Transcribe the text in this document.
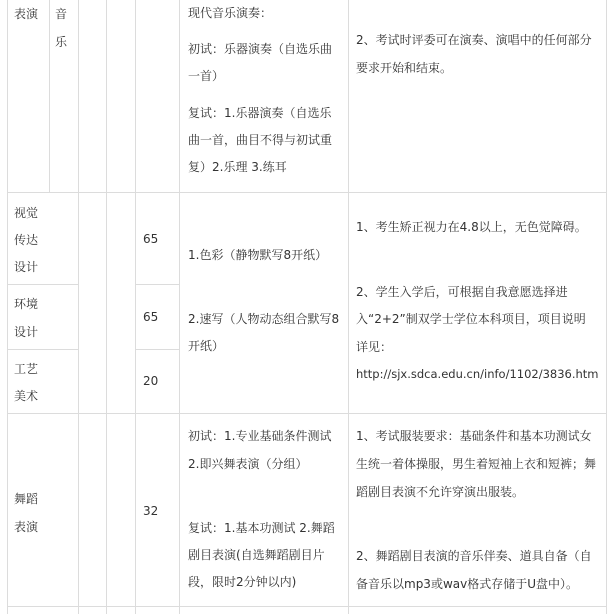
表演 音
乐
现代音乐演奏：
初试：乐器演奏（自选乐曲
一首）
复试：1.乐器演奏（自选乐
曲一首，曲目不得与初试重
复）2.乐理 3.练耳
2、考试时评委可在演奏、演唱中的任何部分
要求开始和结束。
视觉
传达
设计
65
环境
设计
65
工艺
美术
20
1.色彩（静物默写8开纸）
2.速写（人物动态组合默写8
开纸）
1、考生矫正视力在4.8以上，无色觉障碍。
2、学生入学后，可根据自我意愿选择进
入“2+2”制双学士学位本科项目，项目说明
详见：
http://sjx.sdca.edu.cn/info/1102/3836.htm
舞蹈
表演
32
初试：1.专业基础条件测试
2.即兴舞表演（分组）
复试：1.基本功测试 2.舞蹈
剧目表演(自选舞蹈剧目片
段，限时2分钟以内)
1、考试服装要求：基础条件和基本功测试女
生统一着体操服，男生着短袖上衣和短裤；舞
蹈剧目表演不允许穿演出服装。
2、舞蹈剧目表演的音乐伴奏、道具自备（自
备音乐以mp3或wav格式存储于U盘中）。
